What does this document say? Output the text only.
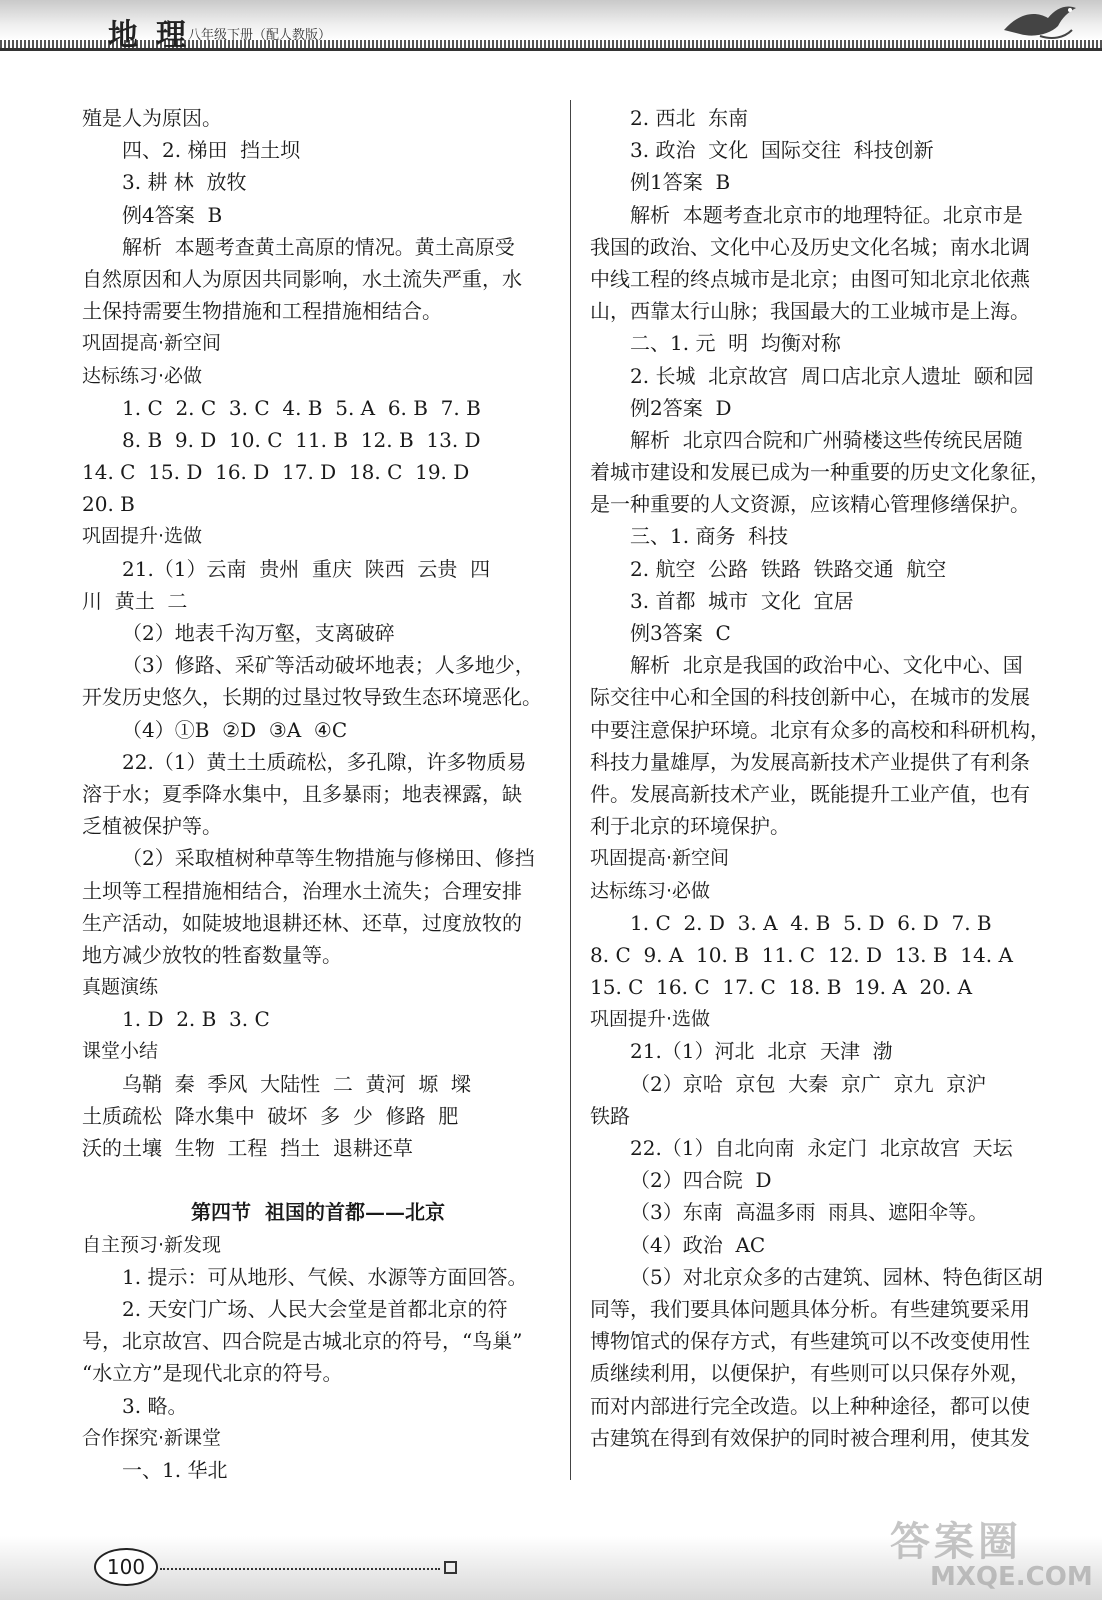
地理
八年级下册（配人教版）
殖是人为原因。
四、2. 梯田  挡土坝
3. 耕 林  放牧
例4答案  B
解析  本题考查黄土高原的情况。黄土高原受
自然原因和人为原因共同影响，水土流失严重，水
土保持需要生物措施和工程措施相结合。
巩固提高·新空间
达标练习·必做
1. C  2. C  3. C  4. B  5. A  6. B  7. B
8. B  9. D  10. C  11. B  12. B  13. D
14. C  15. D  16. D  17. D  18. C  19. D
20. B
巩固提升·选做
21.（1）云南  贵州  重庆  陕西  云贵  四
川  黄土  二
（2）地表千沟万壑，支离破碎
（3）修路、采矿等活动破坏地表；人多地少，
开发历史悠久，长期的过垦过牧导致生态环境恶化。
（4）①B  ②D  ③A  ④C
22.（1）黄土土质疏松，多孔隙，许多物质易
溶于水；夏季降水集中，且多暴雨；地表裸露，缺
乏植被保护等。
（2）采取植树种草等生物措施与修梯田、修挡
土坝等工程措施相结合，治理水土流失；合理安排
生产活动，如陡坡地退耕还林、还草，过度放牧的
地方减少放牧的牲畜数量等。
真题演练
1. D  2. B  3. C
课堂小结
乌鞘  秦  季风  大陆性  二  黄河  塬  墚
土质疏松  降水集中  破坏  多  少  修路  肥
沃的土壤  生物  工程  挡土  退耕还草
第四节  祖国的首都——北京
自主预习·新发现
1. 提示：可从地形、气候、水源等方面回答。
2. 天安门广场、人民大会堂是首都北京的符
号，北京故宫、四合院是古城北京的符号，“鸟巢”
“水立方”是现代北京的符号。
3. 略。
合作探究·新课堂
一、1. 华北
2. 西北  东南
3. 政治  文化  国际交往  科技创新
例1答案  B
解析  本题考查北京市的地理特征。北京市是
我国的政治、文化中心及历史文化名城；南水北调
中线工程的终点城市是北京；由图可知北京北依燕
山，西靠太行山脉；我国最大的工业城市是上海。
二、1. 元  明  均衡对称
2. 长城  北京故宫  周口店北京人遗址  颐和园
例2答案  D
解析  北京四合院和广州骑楼这些传统民居随
着城市建设和发展已成为一种重要的历史文化象征，
是一种重要的人文资源，应该精心管理修缮保护。
三、1. 商务  科技
2. 航空  公路  铁路  铁路交通  航空
3. 首都  城市  文化  宜居
例3答案  C
解析  北京是我国的政治中心、文化中心、国
际交往中心和全国的科技创新中心，在城市的发展
中要注意保护环境。北京有众多的高校和科研机构，
科技力量雄厚，为发展高新技术产业提供了有利条
件。发展高新技术产业，既能提升工业产值，也有
利于北京的环境保护。
巩固提高·新空间
达标练习·必做
1. C  2. D  3. A  4. B  5. D  6. D  7. B
8. C  9. A  10. B  11. C  12. D  13. B  14. A
15. C  16. C  17. C  18. B  19. A  20. A
巩固提升·选做
21.（1）河北  北京  天津  渤
（2）京哈  京包  大秦  京广  京九  京沪
铁路
22.（1）自北向南  永定门  北京故宫  天坛
（2）四合院  D
（3）东南  高温多雨  雨具、遮阳伞等。
（4）政治  AC
（5）对北京众多的古建筑、园林、特色街区胡
同等，我们要具体问题具体分析。有些建筑要采用
博物馆式的保存方式，有些建筑可以不改变使用性
质继续利用，以便保护，有些则可以只保存外观，
而对内部进行完全改造。以上种种途径，都可以使
古建筑在得到有效保护的同时被合理利用，使其发
100
答案圈
MXQE.COM
